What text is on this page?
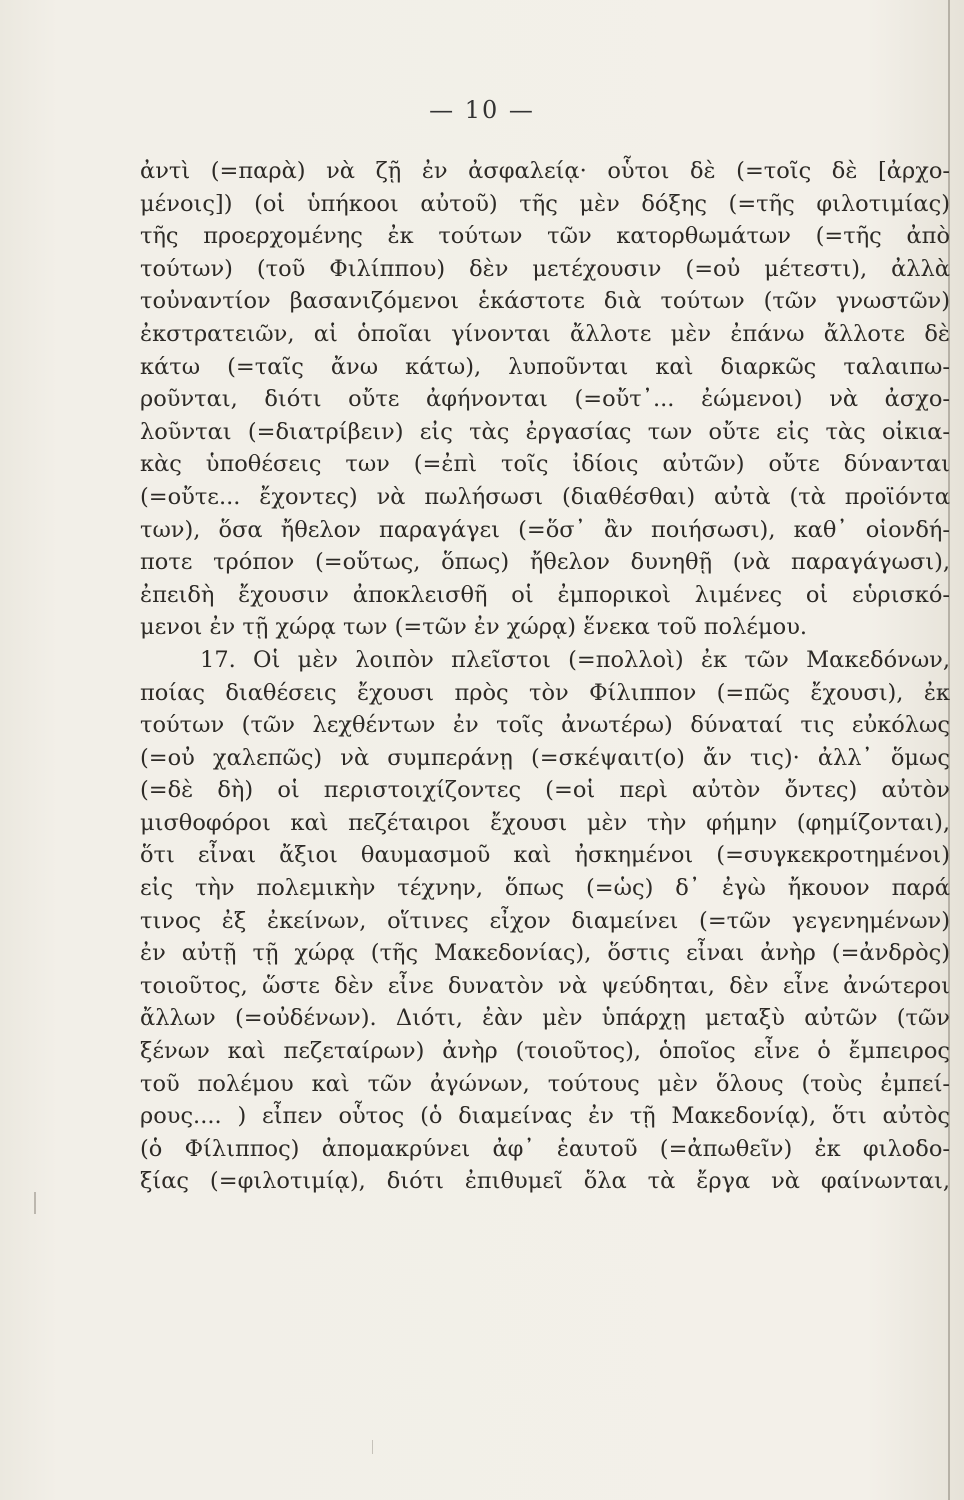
— 10 —
ἀντὶ (=παρὰ) νὰ ζῇ ἐν ἀσφαλείᾳ· οὗτοι δὲ (=τοῖς δὲ [ἀρχο-
μένοις]) (οἱ ὑπήκοοι αὐτοῦ) τῆς μὲν δόξης (=τῆς φιλοτιμίας)
τῆς προερχομένης ἐκ τούτων τῶν κατορθωμάτων (=τῆς ἀπὸ
τούτων) (τοῦ Φιλίππου) δὲν μετέχουσιν (=οὐ μέτεστι), ἀλλὰ
τοὐναντίον βασανιζόμενοι ἑκάστοτε διὰ τούτων (τῶν γνωστῶν)
ἐκστρατειῶν, αἱ ὁποῖαι γίνονται ἄλλοτε μὲν ἐπάνω ἄλλοτε δὲ
κάτω (=ταῖς ἄνω κάτω), λυποῦνται καὶ διαρκῶς ταλαιπω-
ροῦνται, διότι οὔτε ἀφήνονται (=οὔτ᾽... ἐώμενοι) νὰ ἀσχο-
λοῦνται (=διατρίβειν) εἰς τὰς ἐργασίας των οὔτε εἰς τὰς οἰκια-
κὰς ὑποθέσεις των (=ἐπὶ τοῖς ἰδίοις αὐτῶν) οὔτε δύνανται
(=οὔτε... ἔχοντες) νὰ πωλήσωσι (διαθέσθαι) αὐτὰ (τὰ προϊόντα
των), ὅσα ἤθελον παραγάγει (=ὅσ᾽ ἂν ποιήσωσι), καθ᾽ οἱονδή-
ποτε τρόπον (=οὕτως, ὅπως) ἤθελον δυνηθῇ (νὰ παραγάγωσι),
ἐπειδὴ ἔχουσιν ἀποκλεισθῆ οἱ ἐμπορικοὶ λιμένες οἱ εὑρισκό-
μενοι ἐν τῇ χώρᾳ των (=τῶν ἐν χώρᾳ) ἕνεκα τοῦ πολέμου.
17. Οἱ μὲν λοιπὸν πλεῖστοι (=πολλοὶ) ἐκ τῶν Μακεδόνων,
ποίας διαθέσεις ἔχουσι πρὸς τὸν Φίλιππον (=πῶς ἔχουσι), ἐκ
τούτων (τῶν λεχθέντων ἐν τοῖς ἀνωτέρω) δύναταί τις εὐκόλως
(=οὐ χαλεπῶς) νὰ συμπεράνῃ (=σκέψαιτ(ο) ἄν τις)· ἀλλ᾽ ὅμως
(=δὲ δὴ) οἱ περιστοιχίζοντες (=οἱ περὶ αὐτὸν ὄντες) αὐτὸν
μισθοφόροι καὶ πεζέταιροι ἔχουσι μὲν τὴν φήμην (φημίζονται),
ὅτι εἶναι ἄξιοι θαυμασμοῦ καὶ ἠσκημένοι (=συγκεκροτημένοι)
εἰς τὴν πολεμικὴν τέχνην, ὅπως (=ὡς) δ᾽ ἐγὼ ἤκουον παρά
τινος ἐξ ἐκείνων, οἵτινες εἶχον διαμείνει (=τῶν γεγενημένων)
ἐν αὐτῇ τῇ χώρᾳ (τῆς Μακεδονίας), ὅστις εἶναι ἀνὴρ (=ἀνδρὸς)
τοιοῦτος, ὥστε δὲν εἶνε δυνατὸν νὰ ψεύδηται, δὲν εἶνε ἀνώτεροι
ἄλλων (=οὐδένων). Διότι, ἐὰν μὲν ὑπάρχῃ μεταξὺ αὐτῶν (τῶν
ξένων καὶ πεζεταίρων) ἀνὴρ (τοιοῦτος), ὁποῖος εἶνε ὁ ἔμπειρος
τοῦ πολέμου καὶ τῶν ἀγώνων, τούτους μὲν ὅλους (τοὺς ἐμπεί-
ρους.... ) εἶπεν οὗτος (ὁ διαμείνας ἐν τῇ Μακεδονίᾳ), ὅτι αὐτὸς
(ὁ Φίλιππος) ἀπομακρύνει ἀφ᾽ ἑαυτοῦ (=ἀπωθεῖν) ἐκ φιλοδο-
ξίας (=φιλοτιμίᾳ), διότι ἐπιθυμεῖ ὅλα τὰ ἔργα νὰ φαίνωνται,
